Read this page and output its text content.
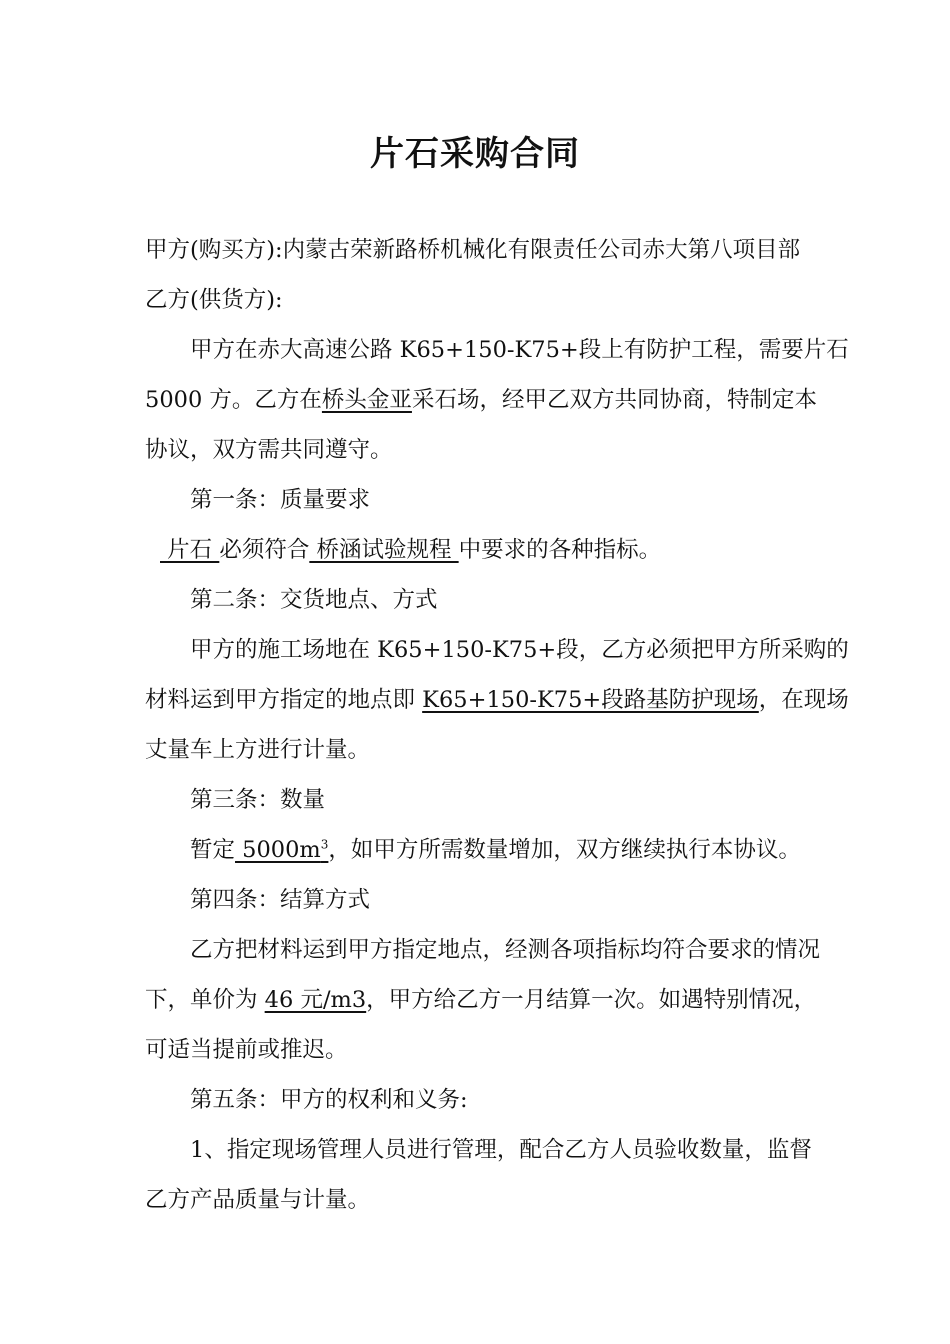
片石采购合同

甲方(购买方):内蒙古荣新路桥机械化有限责任公司赤大第八项目部

乙方(供货方):

甲方在赤大高速公路 K65+150-K75+段上有防护工程，需要片石

5000 方。乙方在桥头金亚采石场，经甲乙双方共同协商，特制定本

协议，双方需共同遵守。

第一条：质量要求

片石 必须符合 桥涵试验规程 中要求的各种指标。

第二条：交货地点、方式

甲方的施工场地在 K65+150-K75+段，乙方必须把甲方所采购的

材料运到甲方指定的地点即 K65+150-K75+段路基防护现场，在现场

丈量车上方进行计量。

第三条：数量

暂定 $5000m^3$，如甲方所需数量增加，双方继续执行本协议。

第四条：结算方式

乙方把材料运到甲方指定地点，经测各项指标均符合要求的情况

下，单价为 46 元/m3，甲方给乙方一月结算一次。如遇特别情况，

可适当提前或推迟。

第五条：甲方的权利和义务:

1、指定现场管理人员进行管理，配合乙方人员验收数量，监督

乙方产品质量与计量。
